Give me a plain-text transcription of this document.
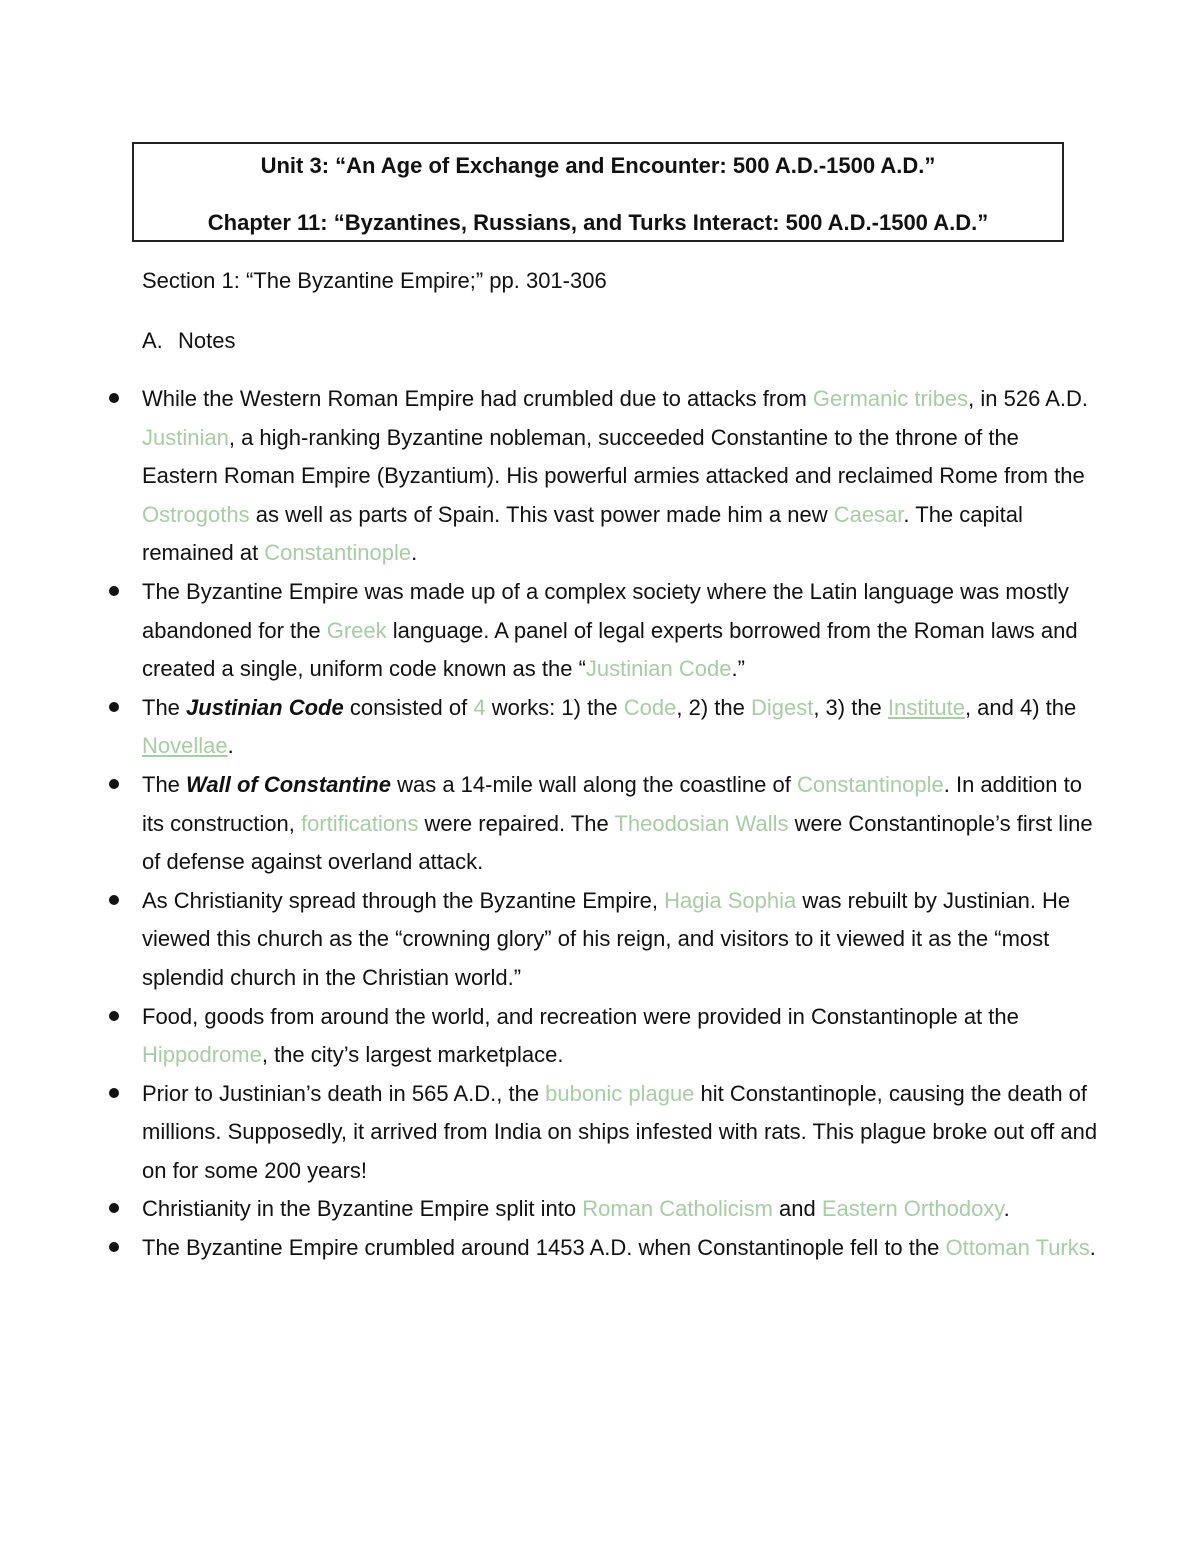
Unit 3: “An Age of Exchange and Encounter: 500 A.D.-1500 A.D.”
Chapter 11: “Byzantines, Russians, and Turks Interact: 500 A.D.-1500 A.D.”
Section 1: “The Byzantine Empire;” pp. 301-306
A. Notes
While the Western Roman Empire had crumbled due to attacks from Germanic tribes, in 526 A.D. Justinian, a high-ranking Byzantine nobleman, succeeded Constantine to the throne of the Eastern Roman Empire (Byzantium). His powerful armies attacked and reclaimed Rome from the Ostrogoths as well as parts of Spain. This vast power made him a new Caesar. The capital remained at Constantinople.
The Byzantine Empire was made up of a complex society where the Latin language was mostly abandoned for the Greek language. A panel of legal experts borrowed from the Roman laws and created a single, uniform code known as the “Justinian Code.”
The Justinian Code consisted of 4 works: 1) the Code, 2) the Digest, 3) the Institute, and 4) the Novellae.
The Wall of Constantine was a 14-mile wall along the coastline of Constantinople. In addition to its construction, fortifications were repaired. The Theodosian Walls were Constantinople’s first line of defense against overland attack.
As Christianity spread through the Byzantine Empire, Hagia Sophia was rebuilt by Justinian. He viewed this church as the “crowning glory” of his reign, and visitors to it viewed it as the “most splendid church in the Christian world.”
Food, goods from around the world, and recreation were provided in Constantinople at the Hippodrome, the city’s largest marketplace.
Prior to Justinian’s death in 565 A.D., the bubonic plague hit Constantinople, causing the death of millions. Supposedly, it arrived from India on ships infested with rats. This plague broke out off and on for some 200 years!
Christianity in the Byzantine Empire split into Roman Catholicism and Eastern Orthodoxy.
The Byzantine Empire crumbled around 1453 A.D. when Constantinople fell to the Ottoman Turks.
